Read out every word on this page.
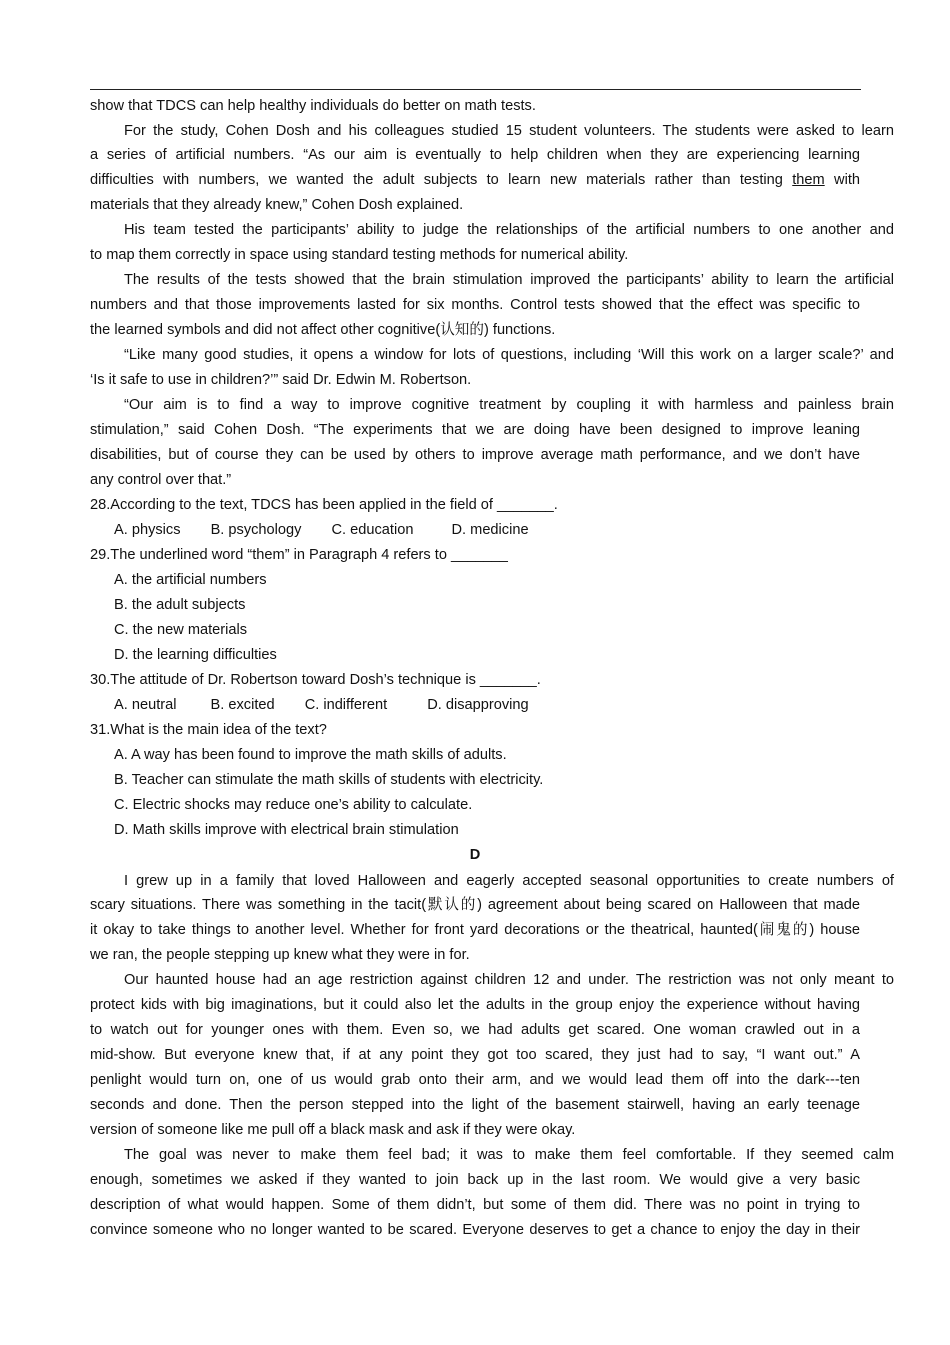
show that TDCS can help healthy individuals do better on math tests.
For the study, Cohen Dosh and his colleagues studied 15 student volunteers. The students were asked to learn
a series of artificial numbers. “As our aim is eventually to help children when they are experiencing learning
difficulties with numbers, we wanted the adult subjects to learn new materials rather than testing them with
materials that they already knew,” Cohen Dosh explained.
His team tested the participants’ ability to judge the relationships of the artificial numbers to one another and
to map them correctly in space using standard testing methods for numerical ability.
The results of the tests showed that the brain stimulation improved the participants’ ability to learn the artificial
numbers and that those improvements lasted for six months. Control tests showed that the effect was specific to
the learned symbols and did not affect other cognitive(认知的) functions.
“Like many good studies, it opens a window for lots of questions, including ‘Will this work on a larger scale?’ and
‘Is it safe to use in children?’” said Dr. Edwin M. Robertson.
“Our aim is to find a way to improve cognitive treatment by coupling it with harmless and painless brain
stimulation,” said Cohen Dosh. “The experiments that we are doing have been designed to improve leaning
disabilities, but of course they can be used by others to improve average math performance, and we don’t have
any control over that.”
28.According to the text, TDCS has been applied in the field of _______.
A. physics B. psychology C. education	D. medicine
29.The underlined word “them” in Paragraph 4 refers to _______
A. the artificial numbers
B. the adult subjects
C. the new materials
D. the learning difficulties
30.The attitude of Dr. Robertson toward Dosh’s technique is _______.
A. neutral B. excited C. indifferent	D. disapproving
31.What is the main idea of the text?
A. A way has been found to improve the math skills of adults.
B. Teacher can stimulate the math skills of students with electricity.
C. Electric shocks may reduce one’s ability to calculate.
D. Math skills improve with electrical brain stimulation
D
I grew up in a family that loved Halloween and eagerly accepted seasonal opportunities to create numbers of
scary situations. There was something in the tacit(默认的) agreement about being scared on Halloween that made
it okay to take things to another level. Whether for front yard decorations or the theatrical, haunted(闹鬼的) house
we ran, the people stepping up knew what they were in for.
Our haunted house had an age restriction against children 12 and under. The restriction was not only meant to
protect kids with big imaginations, but it could also let the adults in the group enjoy the experience without having
to watch out for younger ones with them. Even so, we had adults get scared. One woman crawled out in a
mid-show. But everyone knew that, if at any point they got too scared, they just had to say, “I want out.” A
penlight would turn on, one of us would grab onto their arm, and we would lead them off into the dark---ten
seconds and done. Then the person stepped into the light of the basement stairwell, having an early teenage
version of someone like me pull off a black mask and ask if they were okay.
The goal was never to make them feel bad; it was to make them feel comfortable. If they seemed calm
enough, sometimes we asked if they wanted to join back up in the last room. We would give a very basic
description of what would happen. Some of them didn’t, but some of them did. There was no point in trying to
convince someone who no longer wanted to be scared. Everyone deserves to get a chance to enjoy the day in their
